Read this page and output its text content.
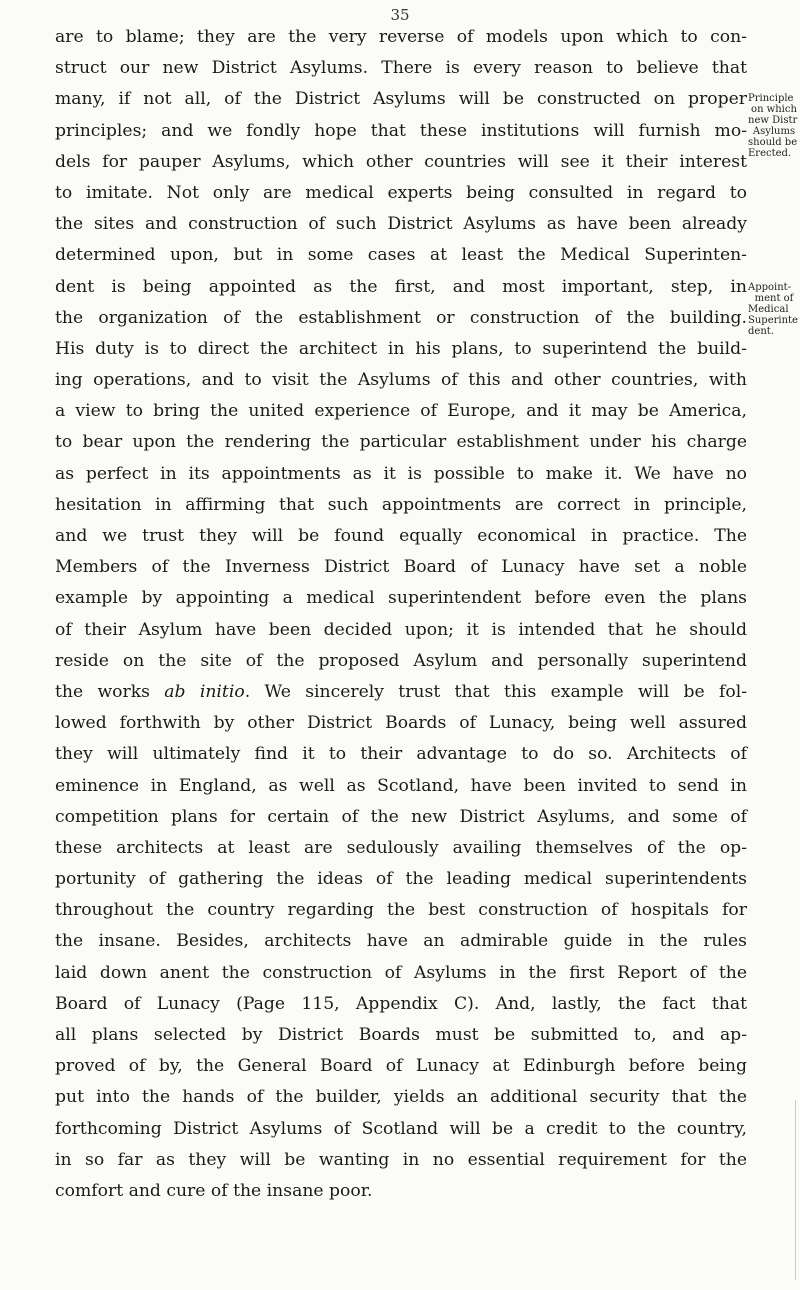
35
are to blame; they are the very reverse of models upon which to con-
struct our new District Asylums. There is every reason to believe that
many, if not all, of the District Asylums will be constructed on proper
principles; and we fondly hope that these institutions will furnish mo-
dels for pauper Asylums, which other countries will see it their interest
to imitate. Not only are medical experts being consulted in regard to
the sites and construction of such District Asylums as have been already
determined upon, but in some cases at least the Medical Superinten-
dent is being appointed as the first, and most important, step, in
the organization of the establishment or construction of the building.
His duty is to direct the architect in his plans, to superintend the build-
ing operations, and to visit the Asylums of this and other countries, with
a view to bring the united experience of Europe, and it may be America,
to bear upon the rendering the particular establishment under his charge
as perfect in its appointments as it is possible to make it. We have no
hesitation in affirming that such appointments are correct in principle,
and we trust they will be found equally economical in practice. The
Members of the Inverness District Board of Lunacy have set a noble
example by appointing a medical superintendent before even the plans
of their Asylum have been decided upon; it is intended that he should
reside on the site of the proposed Asylum and personally superintend
the works ab initio. We sincerely trust that this example will be fol-
lowed forthwith by other District Boards of Lunacy, being well assured
they will ultimately find it to their advantage to do so. Architects of
eminence in England, as well as Scotland, have been invited to send in
competition plans for certain of the new District Asylums, and some of
these architects at least are sedulously availing themselves of the op-
portunity of gathering the ideas of the leading medical superintendents
throughout the country regarding the best construction of hospitals for
the insane. Besides, architects have an admirable guide in the rules
laid down anent the construction of Asylums in the first Report of the
Board of Lunacy (Page 115, Appendix C). And, lastly, the fact that
all plans selected by District Boards must be submitted to, and ap-
proved of by, the General Board of Lunacy at Edinburgh before being
put into the hands of the builder, yields an additional security that the
forthcoming District Asylums of Scotland will be a credit to the country,
in so far as they will be wanting in no essential requirement for the
comfort and cure of the insane poor.
Principle
on which
new Distr
Asylums
should be
Erected.
Appoint-
ment of
Medical
Superinte
dent.
